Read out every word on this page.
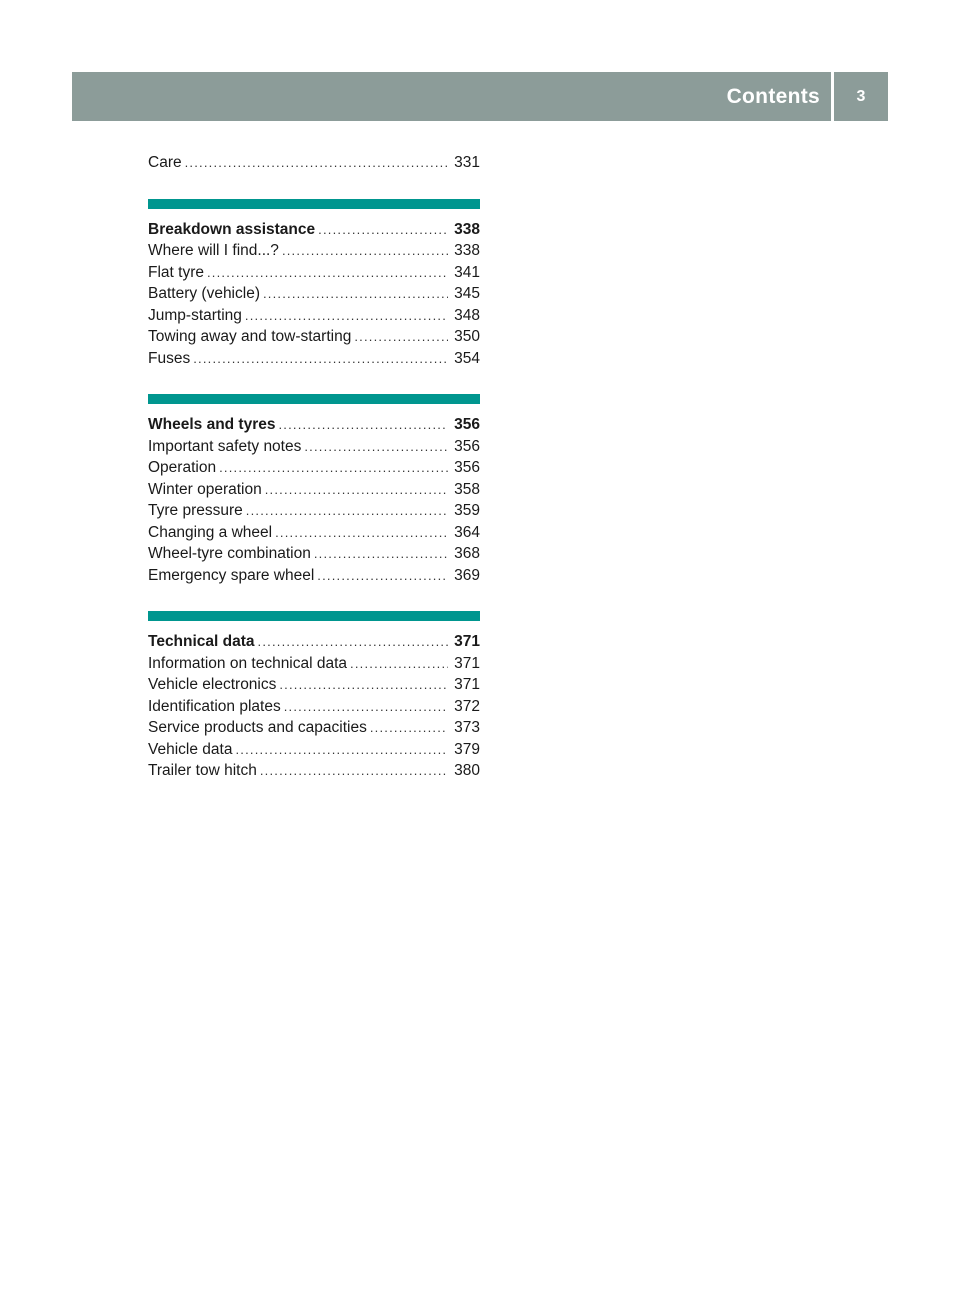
Contents	3
Care .....	331
Breakdown assistance .....	338
Where will I find...? .....	338
Flat tyre .....	341
Battery (vehicle) .....	345
Jump-starting .....	348
Towing away and tow-starting .....	350
Fuses .....	354
Wheels and tyres .....	356
Important safety notes .....	356
Operation .....	356
Winter operation .....	358
Tyre pressure .....	359
Changing a wheel .....	364
Wheel-tyre combination .....	368
Emergency spare wheel .....	369
Technical data .....	371
Information on technical data .....	371
Vehicle electronics .....	371
Identification plates .....	372
Service products and capacities .....	373
Vehicle data .....	379
Trailer tow hitch .....	380
